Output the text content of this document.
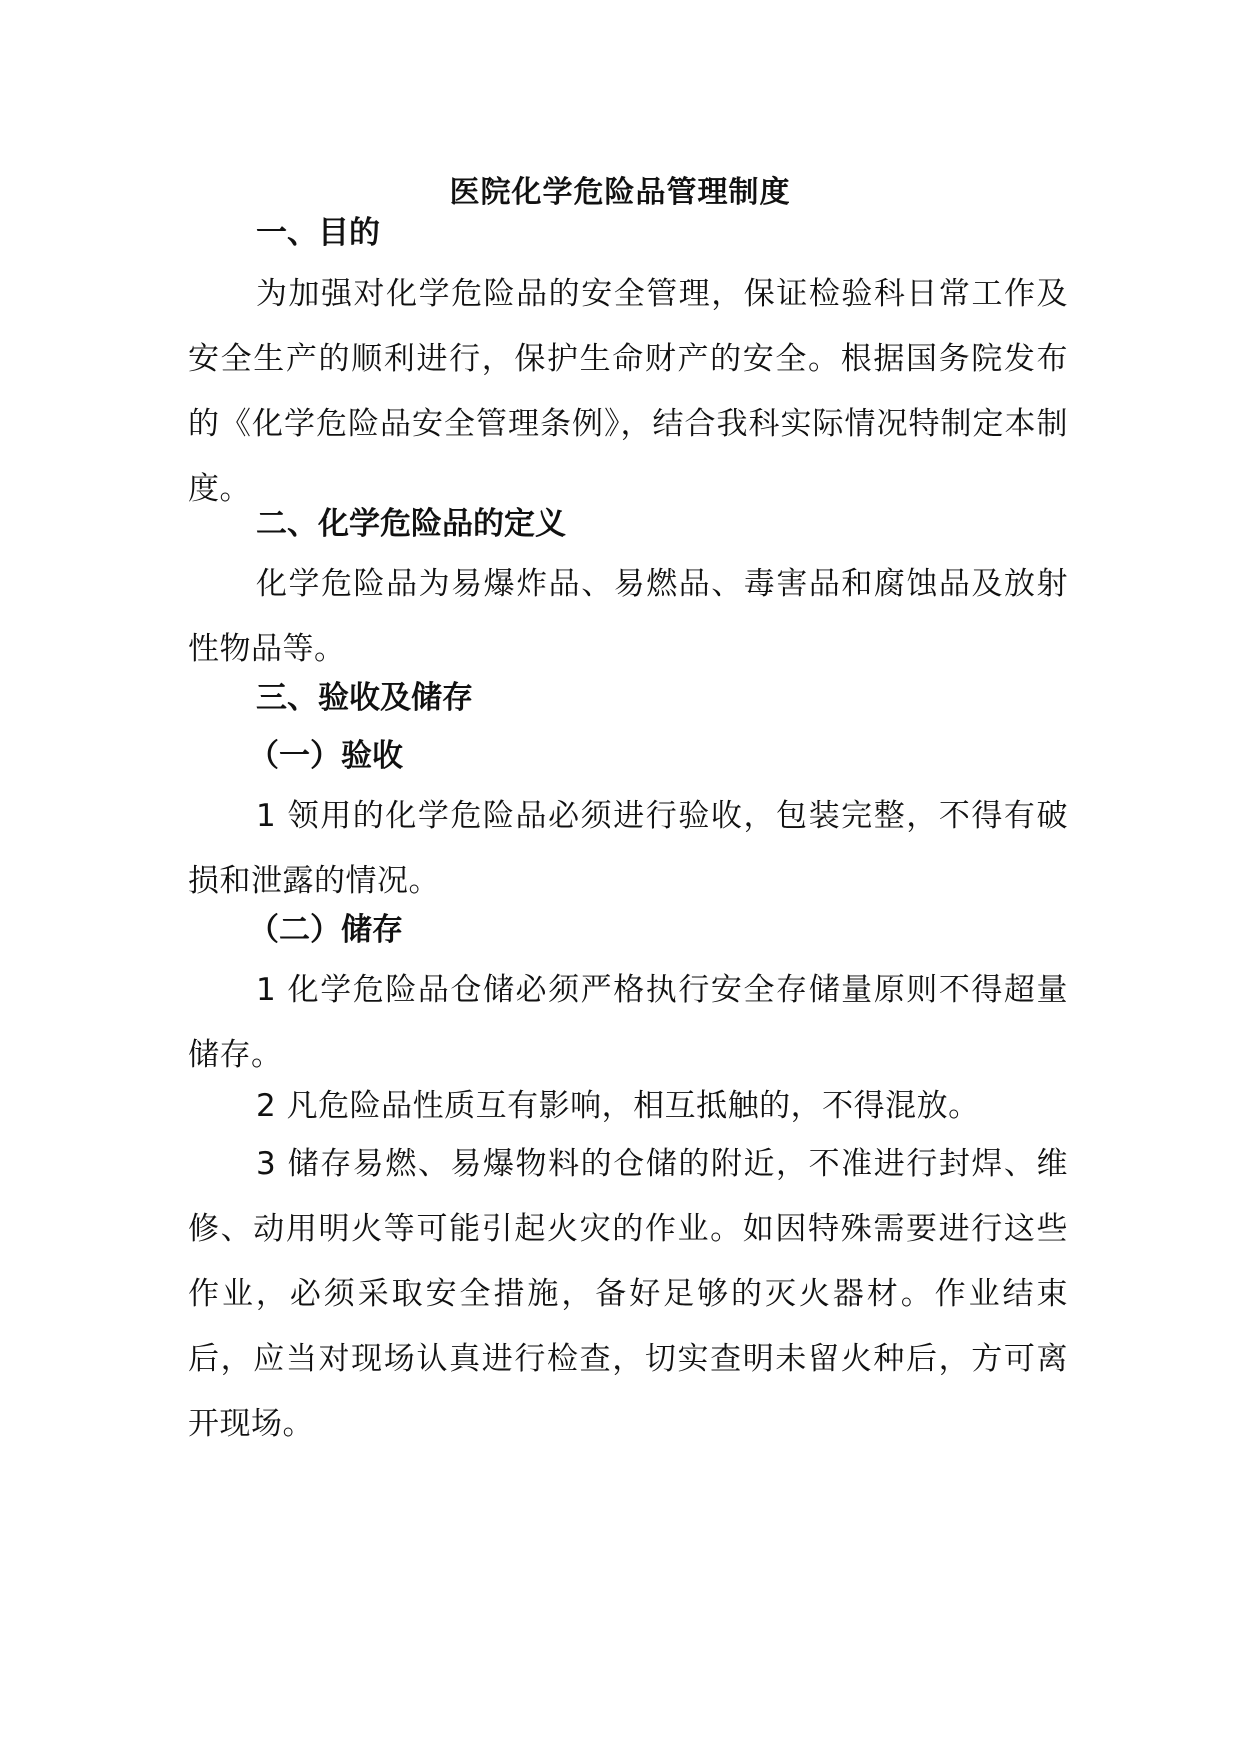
医院化学危险品管理制度
一、目的

为加强对化学危险品的安全管理，保证检验科日常工作及安全生产的顺利进行，保护生命财产的安全。根据国务院发布的《化学危险品安全管理条例》，结合我科实际情况特制定本制度。

二、化学危险品的定义

化学危险品为易爆炸品、易燃品、毒害品和腐蚀品及放射性物品等。

三、验收及储存
（一）验收

1 领用的化学危险品必须进行验收，包装完整，不得有破损和泄露的情况。

（二）储存

1 化学危险品仓储必须严格执行安全存储量原则不得超量储存。

2 凡危险品性质互有影响，相互抵触的，不得混放。

3 储存易燃、易爆物料的仓储的附近，不准进行封焊、维修、动用明火等可能引起火灾的作业。如因特殊需要进行这些作业，必须采取安全措施，备好足够的灭火器材。作业结束后，应当对现场认真进行检查，切实查明未留火种后，方可离开现场。
